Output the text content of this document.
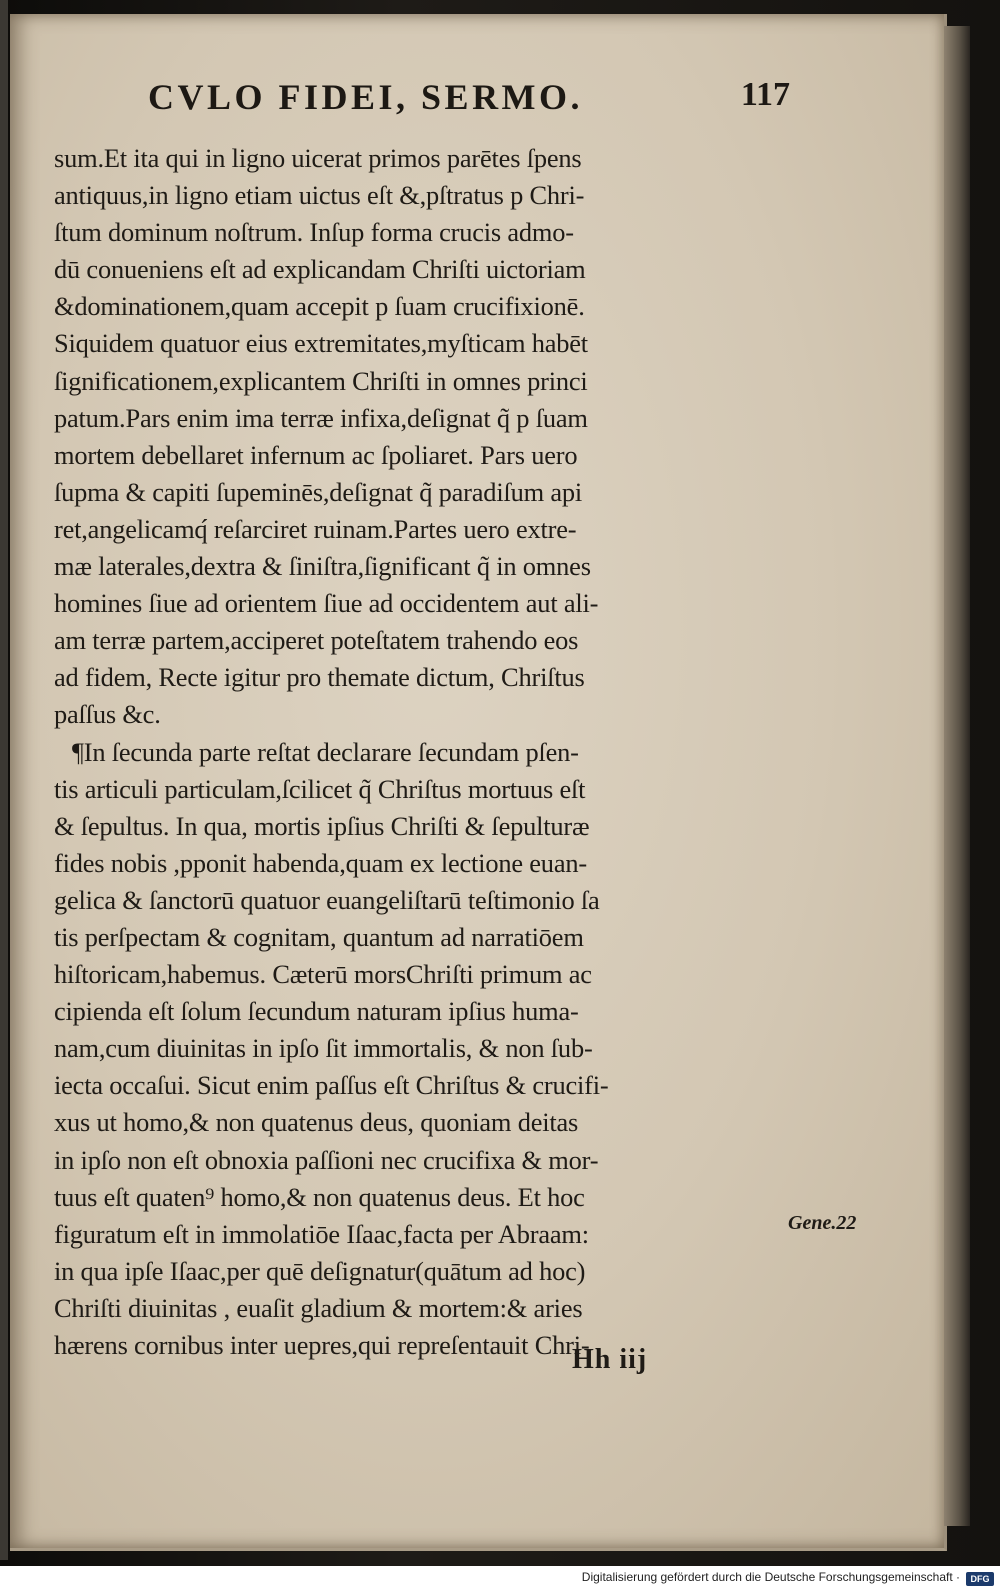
CVLO FIDEI, SERMO.	117
sum.Et ita qui in ligno uicerat primos parētes ſpens
antiquus,in ligno etiam uictus eſt &,pſtratus p Chri-
ſtum dominum noſtrum. Inſup forma crucis admo-
dū conueniens eſt ad explicandam Chriſti uictoriam
&dominationem,quam accepit p ſuam crucifixionē.
Siquidem quatuor eius extremitates,myſticam habēt
ſignificationem,explicantem Chriſti in omnes princi
patum.Pars enim ima terræ infixa,deſignat q̃ p ſuam
mortem debellaret infernum ac ſpoliaret. Pars uero
ſupma & capiti ſupeminēs,deſignat q̃ paradiſum api
ret,angelicamq́ reſarciret ruinam.Partes uero extre-
mæ laterales,dextra & ſiniſtra,ſignificant q̃ in omnes
homines ſiue ad orientem ſiue ad occidentem aut ali-
am terræ partem,acciperet poteſtatem trahendo eos
ad fidem, Recte igitur pro themate dictum, Chriſtus
paſſus &c.
¶In ſecunda parte reſtat declarare ſecundam pſen-
tis articuli particulam,ſcilicet q̃ Chriſtus mortuus eſt
& ſepultus. In qua, mortis ipſius Chriſti & ſepulturæ
fides nobis ,pponit habenda,quam ex lectione euan-
gelica & ſanctorū quatuor euangeliſtarū teſtimonio ſa
tis perſpectam & cognitam, quantum ad narratiōem
hiſtoricam,habemus. Cæterū morsChriſti primum ac
cipienda eſt ſolum ſecundum naturam ipſius huma-
nam,cum diuinitas in ipſo ſit immortalis, & non ſub-
iecta occaſui. Sicut enim paſſus eſt Chriſtus & crucifi-
xus ut homo,& non quatenus deus, quoniam deitas
in ipſo non eſt obnoxia paſſioni nec crucifixa & mor-
tuus eſt quaten⁹ homo,& non quatenus deus. Et hoc
figuratum eſt in immolatiōe Iſaac,facta per Abraam:
in qua ipſe Iſaac,per quē deſignatur(quātum ad hoc)
Chriſti diuinitas , euaſit gladium & mortem:& aries
hærens cornibus inter uepres,qui repreſentauit Chri-
Gene.22
Hh iij
Digitalisierung gefördert durch die Deutsche Forschungsgemeinschaft ·	DFG
